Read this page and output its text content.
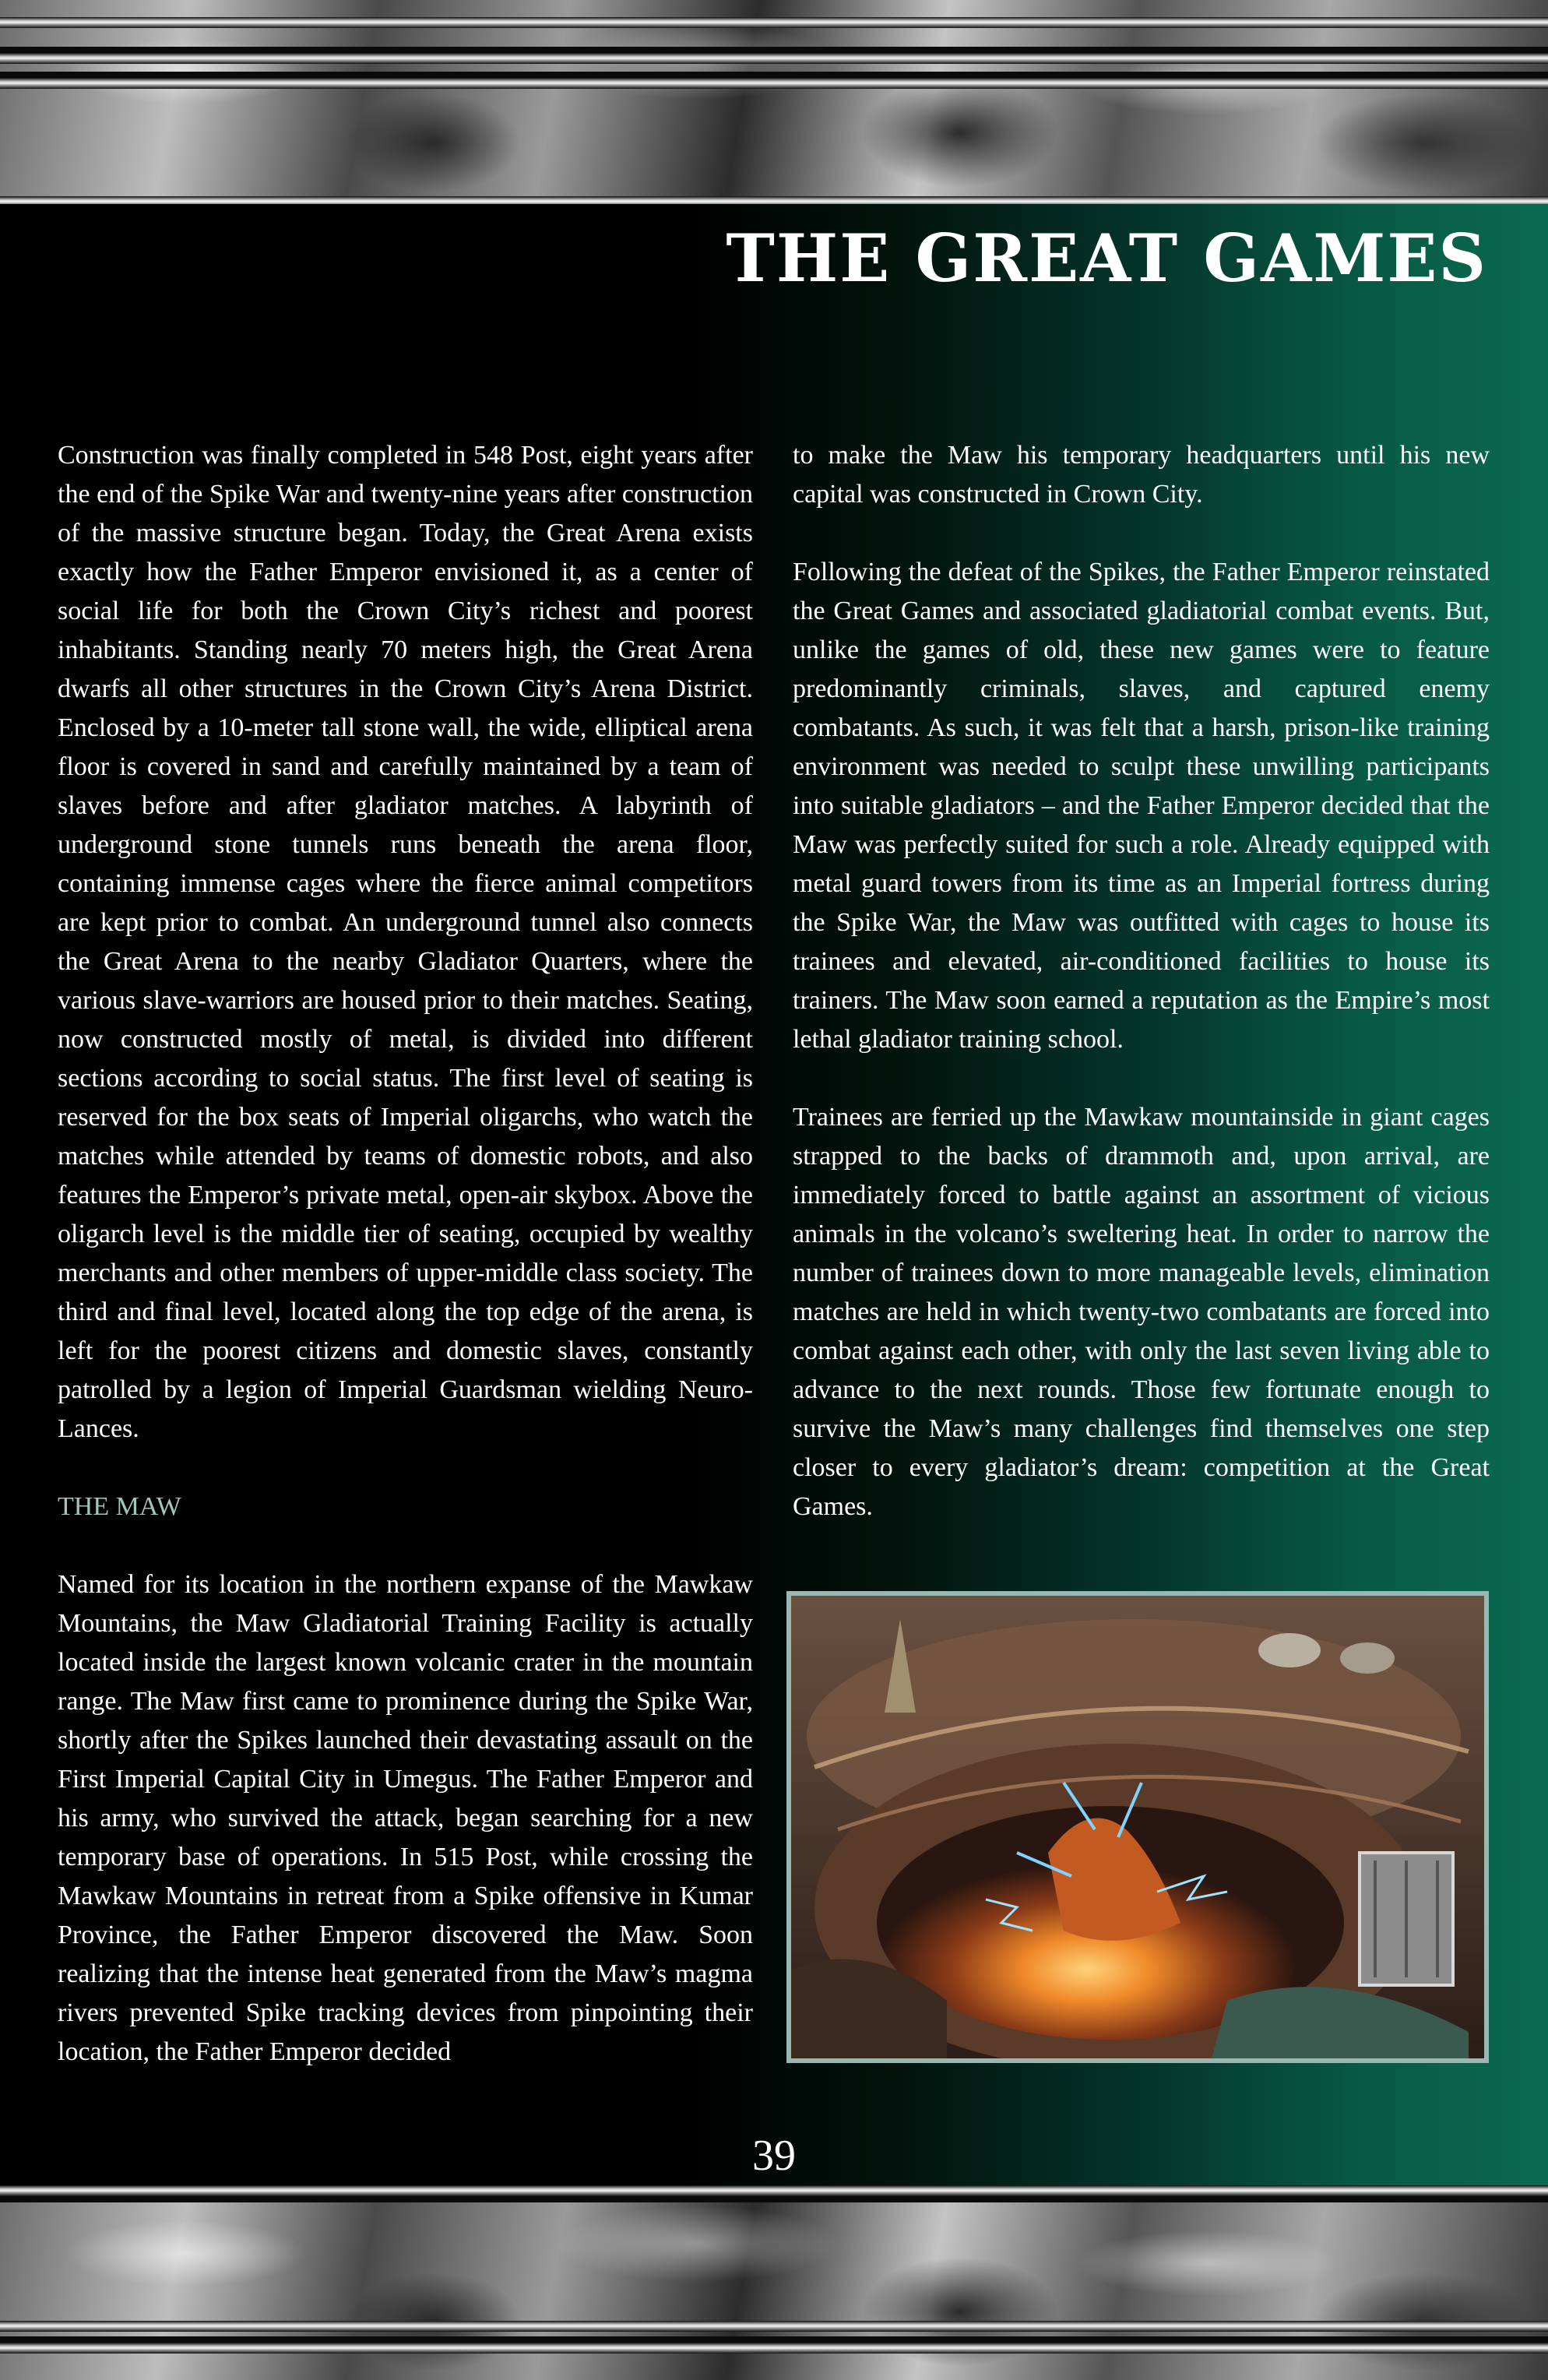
THE GREAT GAMES

Construction was finally completed in 548 Post, eight years after the end of the Spike War and twenty-nine years after construction of the massive structure began. Today, the Great Arena exists exactly how the Father Emperor envisioned it, as a center of social life for both the Crown City’s richest and poorest inhabitants. Standing nearly 70 meters high, the Great Arena dwarfs all other structures in the Crown City’s Arena District. Enclosed by a 10-meter tall stone wall, the wide, elliptical arena floor is covered in sand and carefully maintained by a team of slaves before and after gladiator matches. A labyrinth of underground stone tunnels runs beneath the arena floor, containing immense cages where the fierce animal competitors are kept prior to combat. An underground tunnel also connects the Great Arena to the nearby Gladiator Quarters, where the various slave-warriors are housed prior to their matches. Seating, now constructed mostly of metal, is divided into different sections according to social status. The first level of seating is reserved for the box seats of Imperial oligarchs, who watch the matches while attended by teams of domestic robots, and also features the Emperor’s private metal, open-air skybox. Above the oligarch level is the middle tier of seating, occupied by wealthy merchants and other members of upper-middle class society. The third and final level, located along the top edge of the arena, is left for the poorest citizens and domestic slaves, constantly patrolled by a legion of Imperial Guardsman wielding Neuro-Lances.

THE MAW

Named for its location in the northern expanse of the Mawkaw Mountains, the Maw Gladiatorial Training Facility is actually located inside the largest known volcanic crater in the mountain range. The Maw first came to prominence during the Spike War, shortly after the Spikes launched their devastating assault on the First Imperial Capital City in Umegus. The Father Emperor and his army, who survived the attack, began searching for a new temporary base of operations. In 515 Post, while crossing the Mawkaw Mountains in retreat from a Spike offensive in Kumar Province, the Father Emperor discovered the Maw. Soon realizing that the intense heat generated from the Maw’s magma rivers prevented Spike tracking devices from pinpointing their location, the Father Emperor decided

to make the Maw his temporary headquarters until his new capital was constructed in Crown City.

Following the defeat of the Spikes, the Father Emperor reinstated the Great Games and associated gladiatorial combat events. But, unlike the games of old, these new games were to feature predominantly criminals, slaves, and captured enemy combatants. As such, it was felt that a harsh, prison-like training environment was needed to sculpt these unwilling participants into suitable gladiators – and the Father Emperor decided that the Maw was perfectly suited for such a role. Already equipped with metal guard towers from its time as an Imperial fortress during the Spike War, the Maw was outfitted with cages to house its trainees and elevated, air-conditioned facilities to house its trainers. The Maw soon earned a reputation as the Empire’s most lethal gladiator training school.

Trainees are ferried up the Mawkaw mountainside in giant cages strapped to the backs of drammoth and, upon arrival, are immediately forced to battle against an assortment of vicious animals in the volcano’s sweltering heat. In order to narrow the number of trainees down to more manageable levels, elimination matches are held in which twenty-two combatants are forced into combat against each other, with only the last seven living able to advance to the next rounds. Those few fortunate enough to survive the Maw’s many challenges find themselves one step closer to every gladiator’s dream: competition at the Great Games.

39
